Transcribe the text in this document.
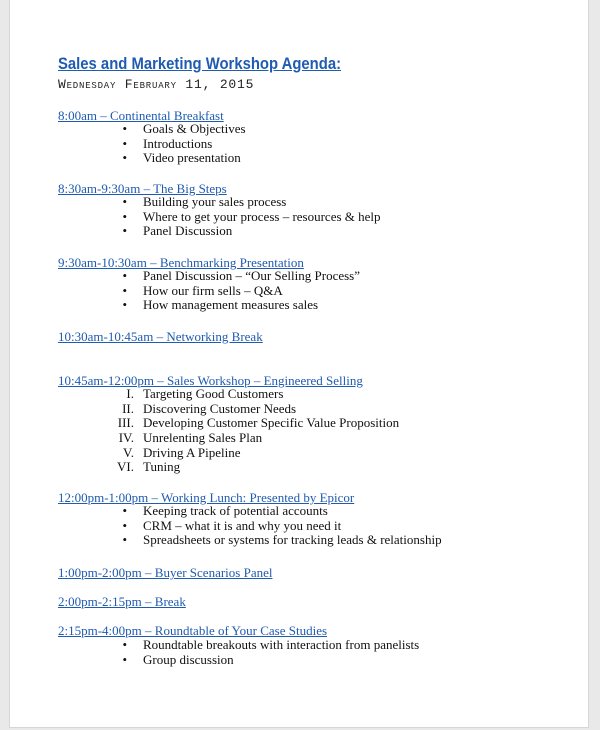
Sales and Marketing Workshop Agenda:

Wednesday February 11, 2015

8:00am – Continental Breakfast

• Goals & Objectives
• Introductions
• Video presentation

8:30am-9:30am – The Big Steps

• Building your sales process
• Where to get your process – resources & help
• Panel Discussion

9:30am-10:30am – Benchmarking Presentation

• Panel Discussion – “Our Selling Process”
• How our firm sells – Q&A
• How management measures sales

10:30am-10:45am – Networking Break

10:45am-12:00pm – Sales Workshop – Engineered Selling

I. Targeting Good Customers
II. Discovering Customer Needs
III. Developing Customer Specific Value Proposition
IV. Unrelenting Sales Plan
V. Driving A Pipeline
VI. Tuning

12:00pm-1:00pm – Working Lunch: Presented by Epicor

• Keeping track of potential accounts
• CRM – what it is and why you need it
• Spreadsheets or systems for tracking leads & relationship

1:00pm-2:00pm – Buyer Scenarios Panel

2:00pm-2:15pm – Break

2:15pm-4:00pm – Roundtable of Your Case Studies

• Roundtable breakouts with interaction from panelists
• Group discussion
